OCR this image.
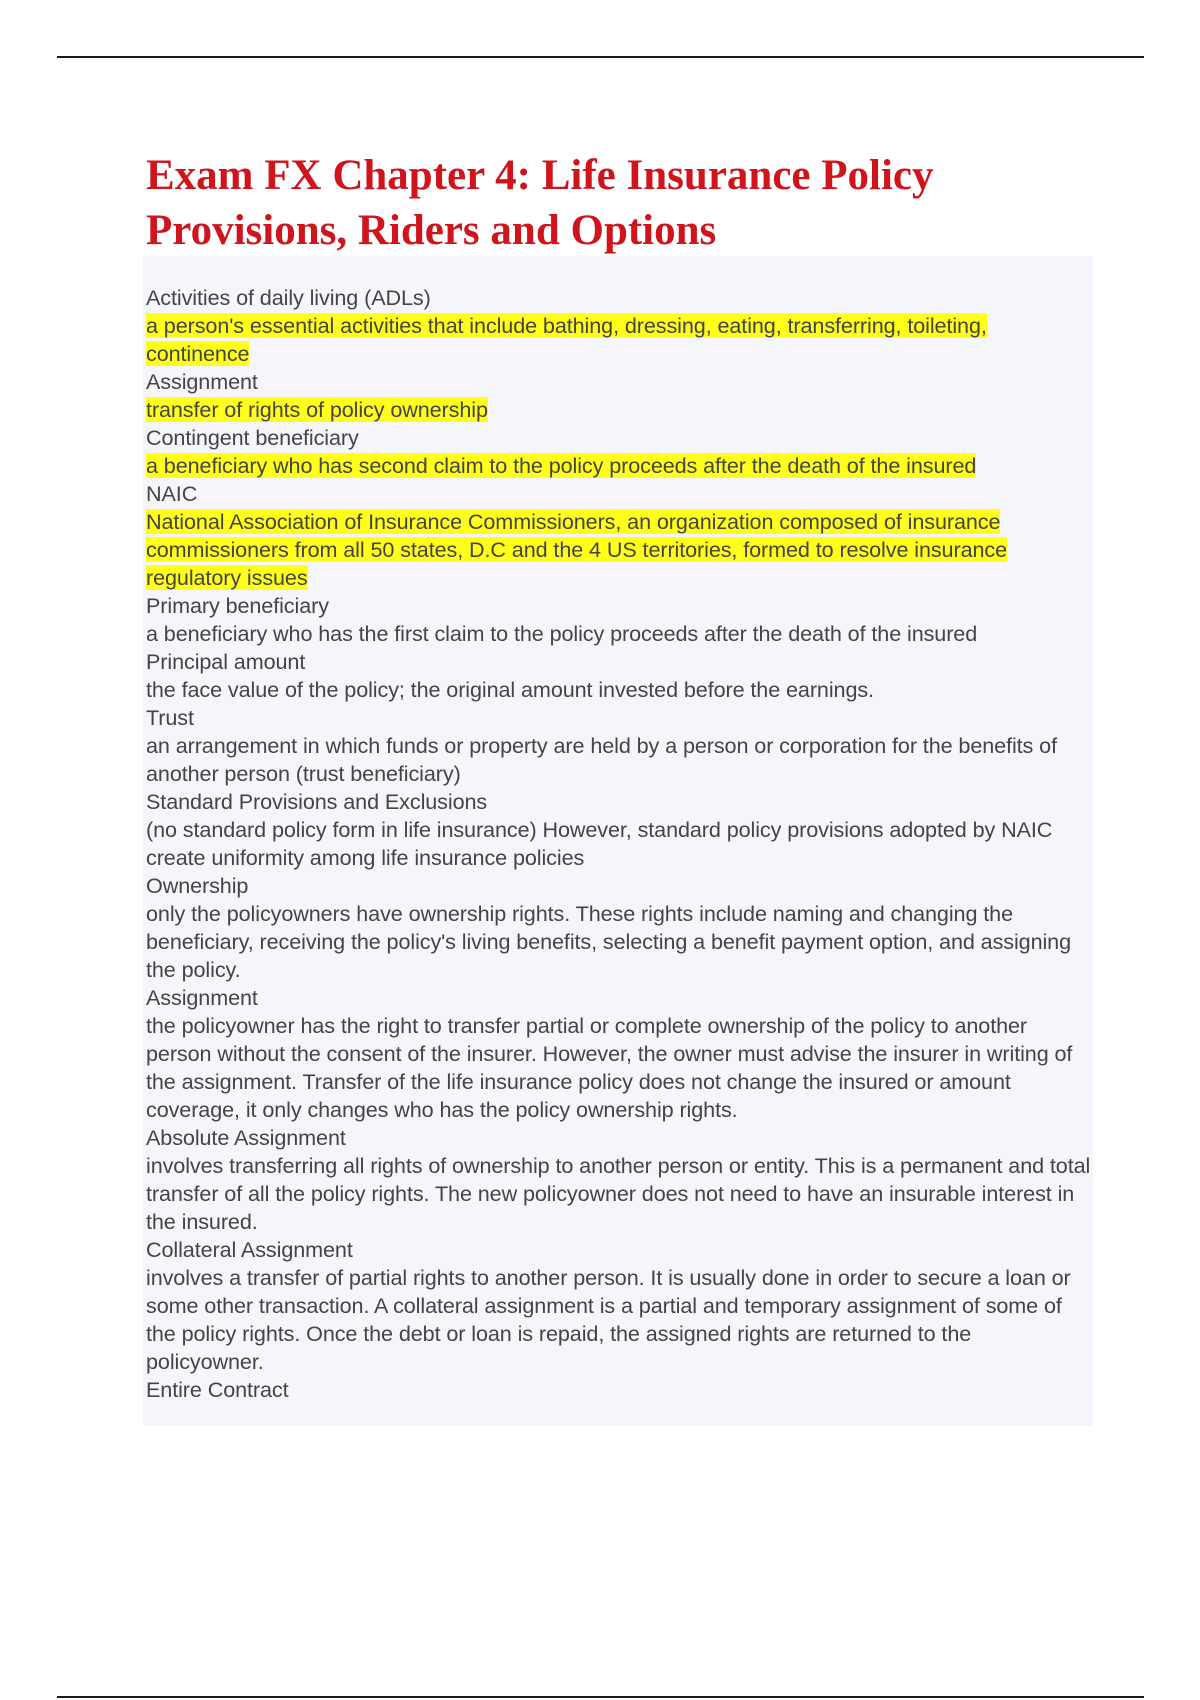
Exam FX Chapter 4: Life Insurance Policy
Provisions, Riders and Options
Activities of daily living (ADLs)
a person's essential activities that include bathing, dressing, eating, transferring, toileting, continence
Assignment
transfer of rights of policy ownership
Contingent beneficiary
a beneficiary who has second claim to the policy proceeds after the death of the insured
NAIC
National Association of Insurance Commissioners, an organization composed of insurance commissioners from all 50 states, D.C and the 4 US territories, formed to resolve insurance regulatory issues
Primary beneficiary
a beneficiary who has the first claim to the policy proceeds after the death of the insured
Principal amount
the face value of the policy; the original amount invested before the earnings.
Trust
an arrangement in which funds or property are held by a person or corporation for the benefits of another person (trust beneficiary)
Standard Provisions and Exclusions
(no standard policy form in life insurance) However, standard policy provisions adopted by NAIC create uniformity among life insurance policies
Ownership
only the policyowners have ownership rights. These rights include naming and changing the beneficiary, receiving the policy's living benefits, selecting a benefit payment option, and assigning the policy.
Assignment
the policyowner has the right to transfer partial or complete ownership of the policy to another person without the consent of the insurer. However, the owner must advise the insurer in writing of the assignment. Transfer of the life insurance policy does not change the insured or amount coverage, it only changes who has the policy ownership rights.
Absolute Assignment
involves transferring all rights of ownership to another person or entity. This is a permanent and total transfer of all the policy rights. The new policyowner does not need to have an insurable interest in the insured.
Collateral Assignment
involves a transfer of partial rights to another person. It is usually done in order to secure a loan or some other transaction. A collateral assignment is a partial and temporary assignment of some of the policy rights. Once the debt or loan is repaid, the assigned rights are returned to the policyowner.
Entire Contract
